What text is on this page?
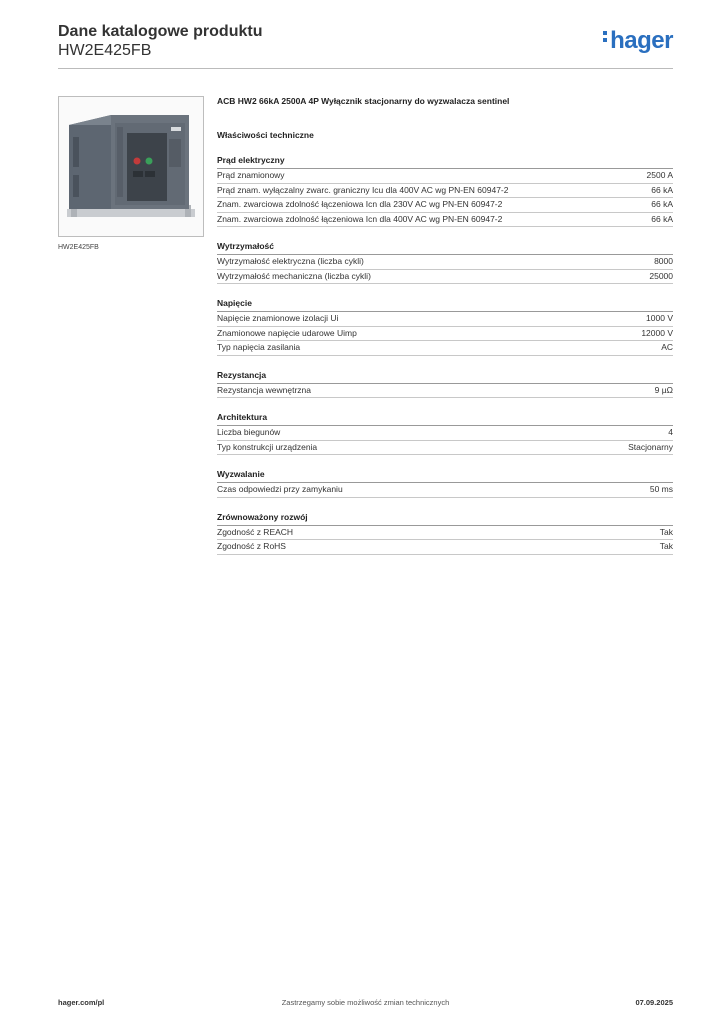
Dane katalogowe produktu
HW2E425FB	hager
HW2E425FB
ACB HW2 66kA 2500A 4P Wyłącznik stacjonarny do wyzwalacza sentinel
Właściwości techniczne
Prąd elektryczny
Prąd znamionowy	2500 A
Prąd znam. wyłączalny zwarc. graniczny Icu dla 400V AC wg PN-EN 60947-2	66 kA
Znam. zwarciowa zdolność łączeniowa Icn dla 230V AC wg PN-EN 60947-2	66 kA
Znam. zwarciowa zdolność łączeniowa Icn dla 400V AC wg PN-EN 60947-2	66 kA
Wytrzymałość
Wytrzymałość elektryczna (liczba cykli)	8000
Wytrzymałość mechaniczna (liczba cykli)	25000
Napięcie
Napięcie znamionowe izolacji Ui	1000 V
Znamionowe napięcie udarowe Uimp	12000 V
Typ napięcia zasilania	AC
Rezystancja
Rezystancja wewnętrzna	9 µΩ
Architektura
Liczba biegunów	4
Typ konstrukcji urządzenia	Stacjonarny
Wyzwalanie
Czas odpowiedzi przy zamykaniu	50 ms
Zrównoważony rozwój
Zgodność z REACH	Tak
Zgodność z RoHS	Tak
hager.com/pl	Zastrzegamy sobie możliwość zmian technicznych	07.09.2025
